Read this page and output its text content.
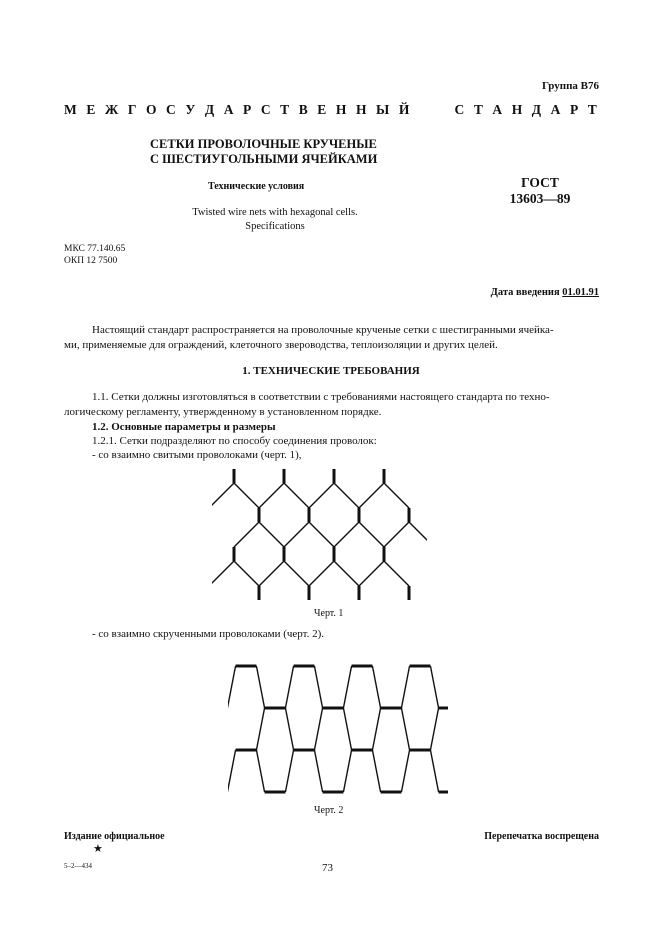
Группа В76
М Е Ж Г О С У Д А Р С Т В Е Н Н Ы Й	С Т А Н Д А Р Т
СЕТКИ ПРОВОЛОЧНЫЕ КРУЧЕНЫЕ
С ШЕСТИУГОЛЬНЫМИ ЯЧЕЙКАМИ
Технические условия
Twisted wire nets with hexagonal cells.
Specifications
ГОСТ
13603—89
МКС 77.140.65
ОКП 12 7500
Дата введения 01.01.91
Настоящий стандарт распространяется на проволочные крученые сетки с шестигранными ячейка-
ми, применяемые для ограждений, клеточного звероводства, теплоизоляции и других целей.
1. ТЕХНИЧЕСКИЕ ТРЕБОВАНИЯ
1.1. Сетки должны изготовляться в соответствии с требованиями настоящего стандарта по техно-
логическому регламенту, утвержденному в установленном порядке.
1.2. Основные параметры и размеры
1.2.1. Сетки подразделяют по способу соединения проволок:
- со взаимно свитыми проволоками (черт. 1),
Черт. 1
- со взаимно скрученными проволоками (черт. 2).
Черт. 2
Издание официальное
★
Перепечатка воспрещена
5–2—434	73
